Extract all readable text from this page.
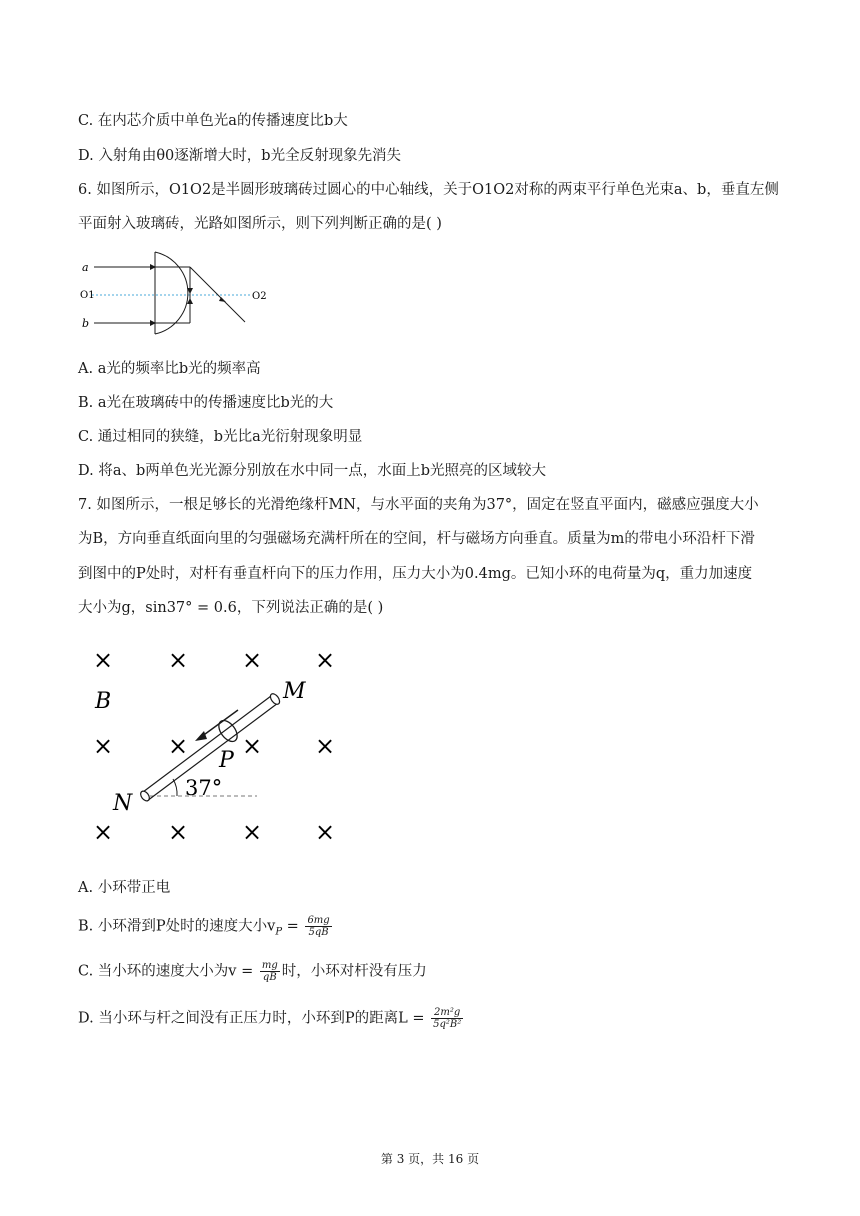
C. 在内芯介质中单色光a的传播速度比b大
D. 入射角由θ0逐渐增大时，b光全反射现象先消失
6. 如图所示，O1O2是半圆形玻璃砖过圆心的中心轴线，关于O1O2对称的两束平行单色光束a、b，垂直左侧
平面射入玻璃砖，光路如图所示，则下列判断正确的是( )
a
b
O1	O2
A. a光的频率比b光的频率高
B. a光在玻璃砖中的传播速度比b光的大
C. 通过相同的狭缝，b光比a光衍射现象明显
D. 将a、b两单色光光源分别放在水中同一点，水面上b光照亮的区域较大
7. 如图所示，一根足够长的光滑绝缘杆MN，与水平面的夹角为37°，固定在竖直平面内，磁感应强度大小
为B，方向垂直纸面向里的匀强磁场充满杆所在的空间，杆与磁场方向垂直。质量为m的带电小环沿杆下滑
到图中的P处时，对杆有垂直杆向下的压力作用，压力大小为0.4mg。已知小环的电荷量为q，重力加速度
大小为g，sin37° = 0.6，下列说法正确的是( )
× × × ×
× × × ×
× × × ×
B	M
N
P
37°
A. 小环带正电
B. 小环滑到P处时的速度大小$v_P = \frac{6mg}{5qB}$
C. 当小环的速度大小为$v = \frac{mg}{qB}$ 时，小环对杆没有压力
D. 当小环与杆之间没有正压力时，小环到P的距离$L = \frac{\text{2m²g}}{\text{5q²B²}}$
第 3 页，共 16 页
